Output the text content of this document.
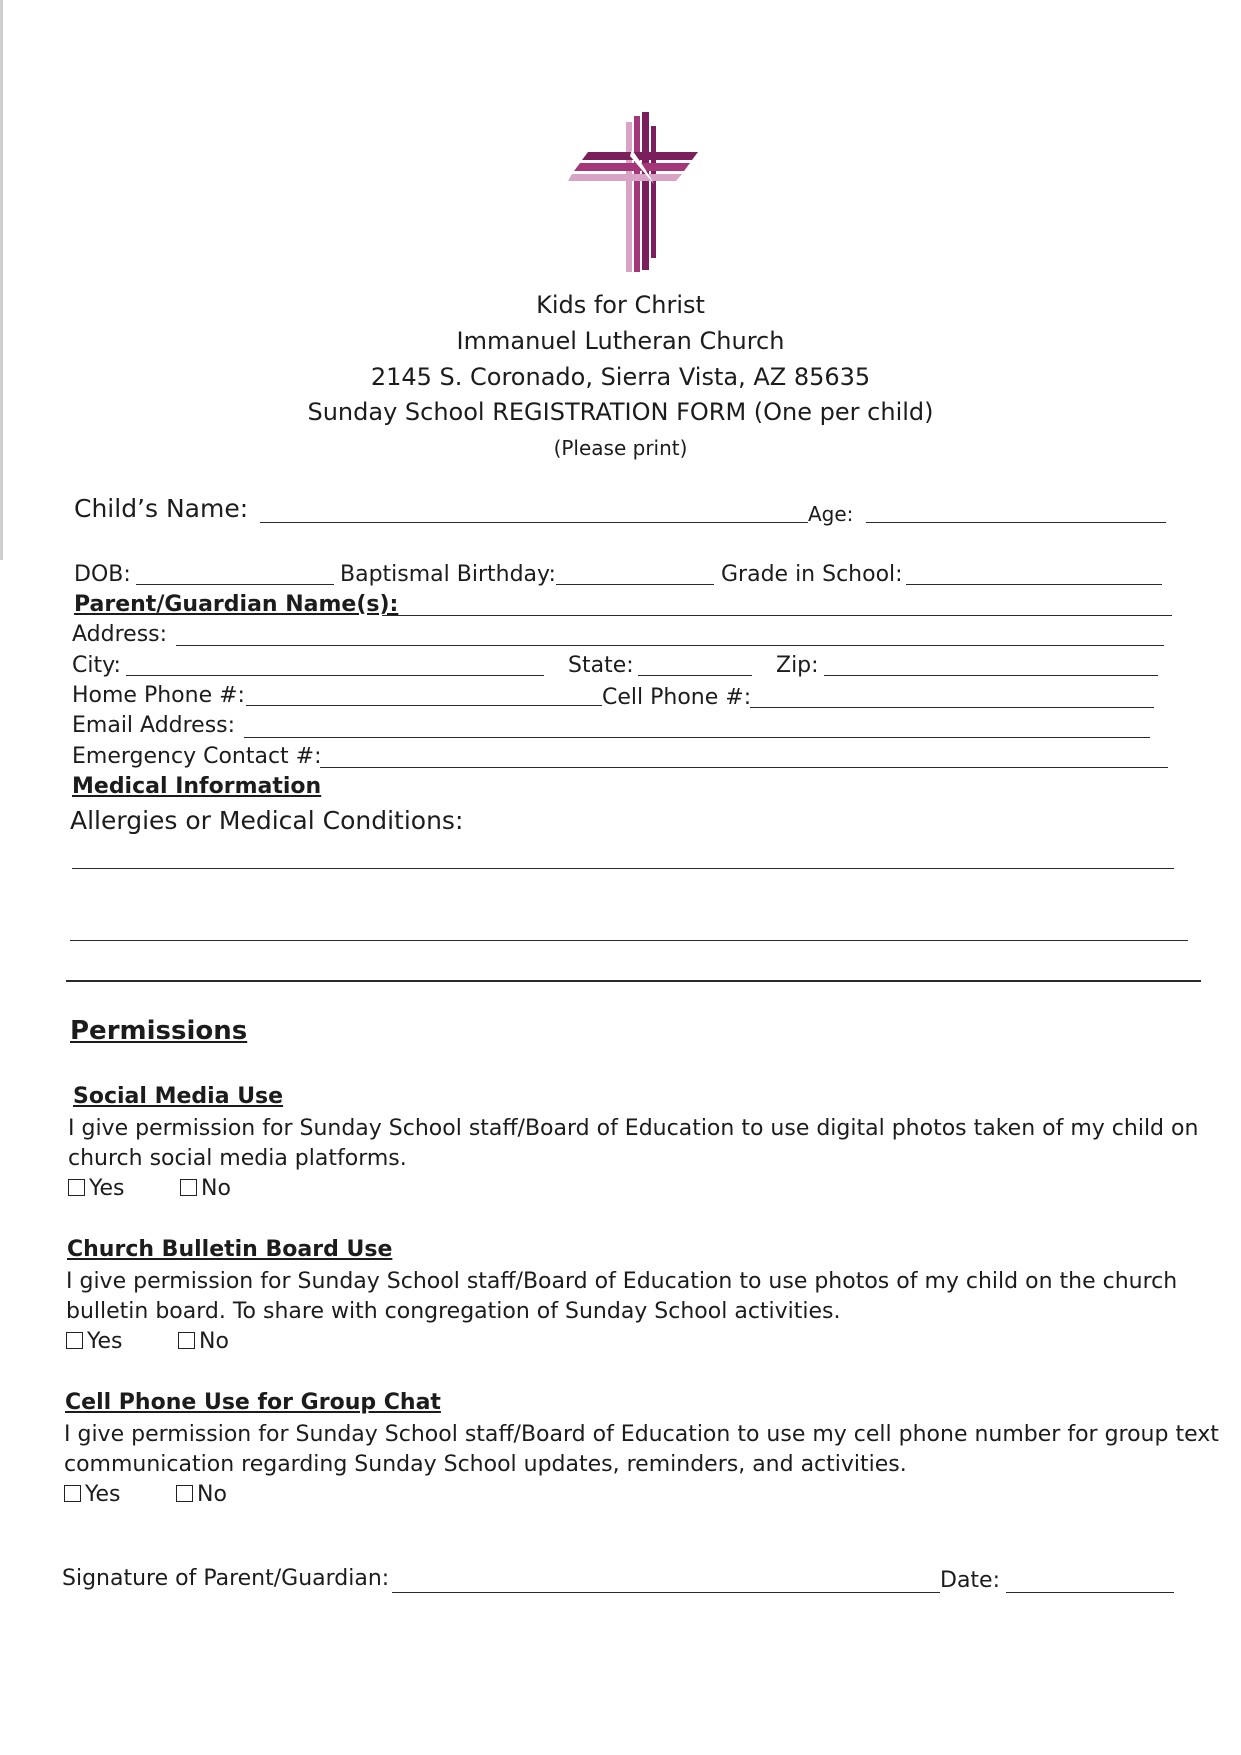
Kids for Christ
Immanuel Lutheran Church
2145 S. Coronado, Sierra Vista, AZ 85635
Sunday School REGISTRATION FORM (One per child)
(Please print)
Child’s Name:	Age:
DOB:	Baptismal Birthday:	Grade in School:
Parent/Guardian Name(s):
Address:
City:	State:	Zip:
Home Phone #:	Cell Phone #:
Email Address:
Emergency Contact #:
Medical Information
Allergies or Medical Conditions:
Permissions
Social Media Use
I give permission for Sunday School staff/Board of Education to use digital photos taken of my child on
church social media platforms.
Yes	No
Church Bulletin Board Use
I give permission for Sunday School staff/Board of Education to use photos of my child on the church
bulletin board. To share with congregation of Sunday School activities.
Yes	No
Cell Phone Use for Group Chat
I give permission for Sunday School staff/Board of Education to use my cell phone number for group text
communication regarding Sunday School updates, reminders, and activities.
Yes	No
Signature of Parent/Guardian:	Date:
